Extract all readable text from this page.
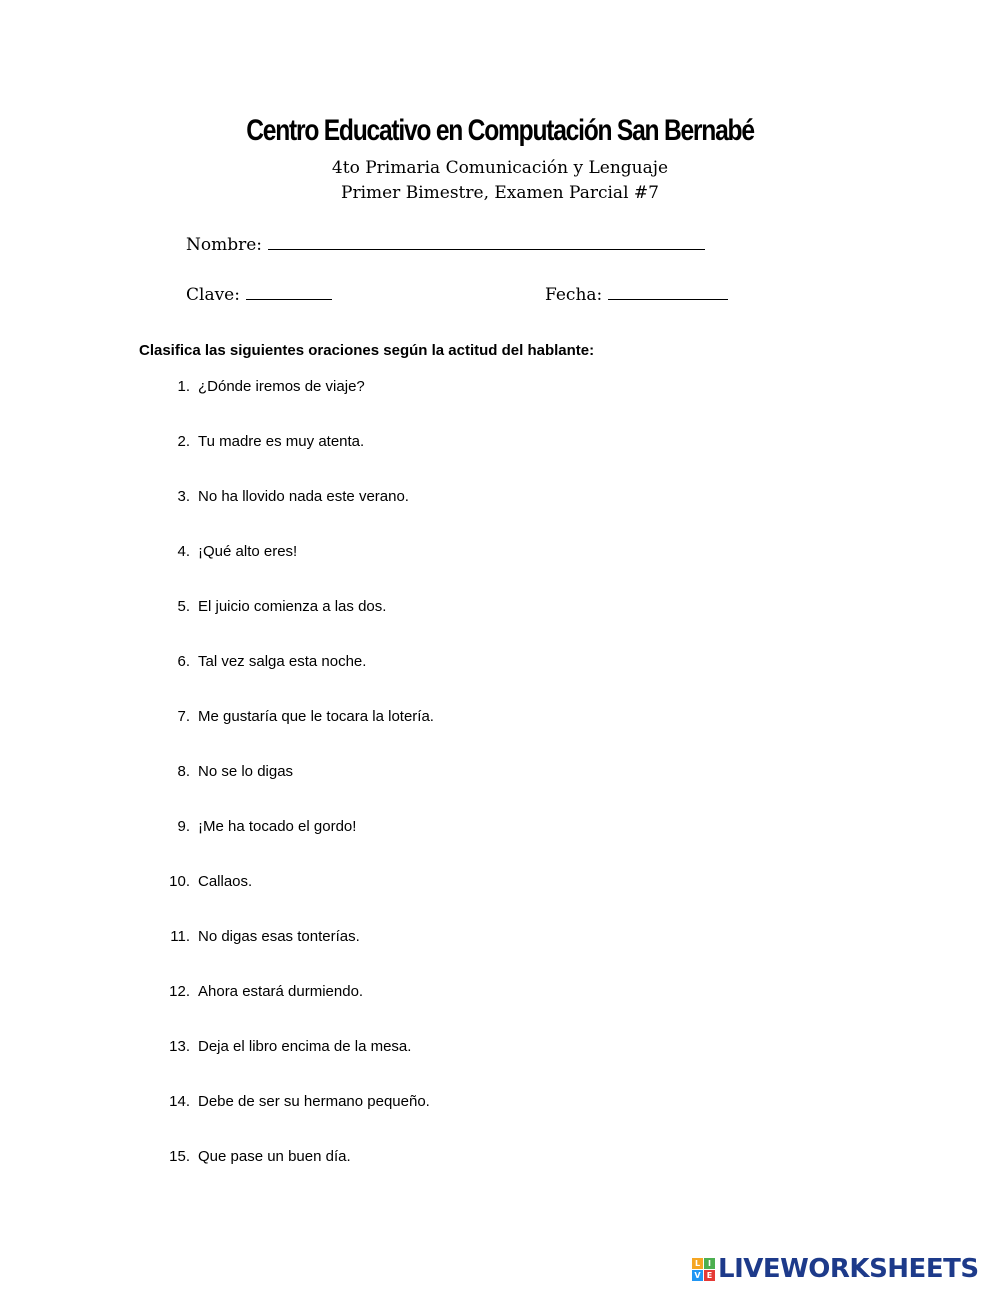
Centro Educativo en Computación San Bernabé
4to Primaria Comunicación y Lenguaje
Primer Bimestre, Examen Parcial #7
Nombre:
Clave:	Fecha:
Clasifica las siguientes oraciones según la actitud del hablante:
1. ¿Dónde iremos de viaje?
2. Tu madre es muy atenta.
3. No ha llovido nada este verano.
4. ¡Qué alto eres!
5. El juicio comienza a las dos.
6. Tal vez salga esta noche.
7. Me gustaría que le tocara la lotería.
8. No se lo digas
9. ¡Me ha tocado el gordo!
10. Callaos.
11. No digas esas tonterías.
12. Ahora estará durmiendo.
13. Deja el libro encima de la mesa.
14. Debe de ser su hermano pequeño.
15. Que pase un buen día.
L I
V E LIVEWORKSHEETS
